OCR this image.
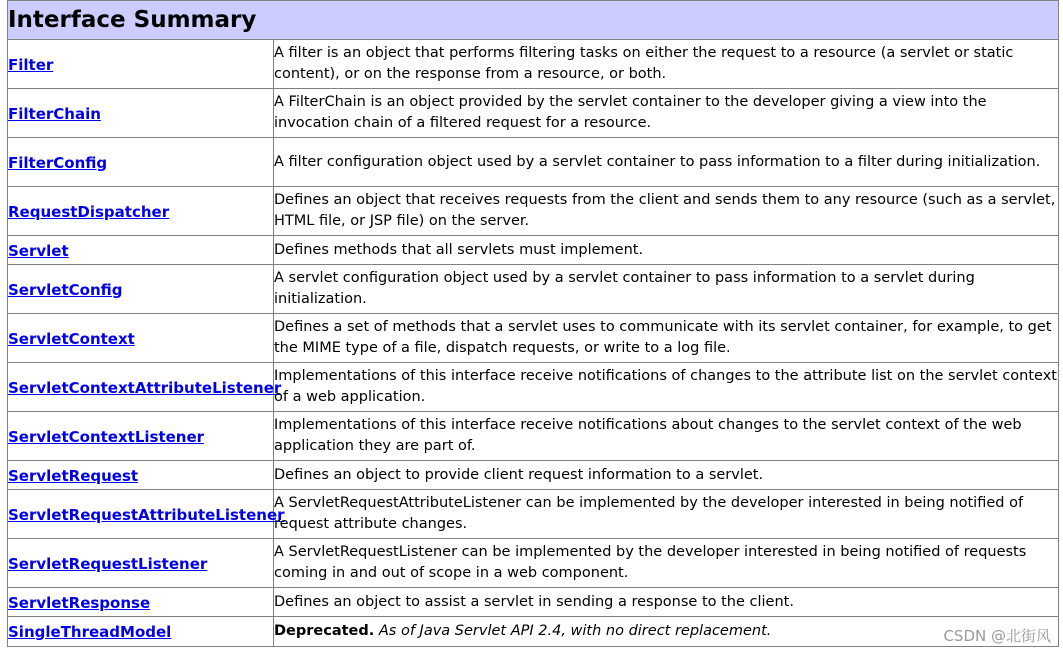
Interface Summary	
Filter	A filter is an object that performs filtering tasks on either the request to a resource (a servlet or static content), or on the response from a resource, or both.
FilterChain	A FilterChain is an object provided by the servlet container to the developer giving a view into the invocation chain of a filtered request for a resource.
FilterConfig	A filter configuration object used by a servlet container to pass information to a filter during initialization.
RequestDispatcher	Defines an object that receives requests from the client and sends them to any resource (such as a servlet, HTML file, or JSP file) on the server.
Servlet	Defines methods that all servlets must implement.
ServletConfig	A servlet configuration object used by a servlet container to pass information to a servlet during initialization.
ServletContext	Defines a set of methods that a servlet uses to communicate with its servlet container, for example, to get the MIME type of a file, dispatch requests, or write to a log file.
ServletContextAttributeListener	Implementations of this interface receive notifications of changes to the attribute list on the servlet context of a web application.
ServletContextListener	Implementations of this interface receive notifications about changes to the servlet context of the web application they are part of.
ServletRequest	Defines an object to provide client request information to a servlet.
ServletRequestAttributeListener	A ServletRequestAttributeListener can be implemented by the developer interested in being notified of request attribute changes.
ServletRequestListener	A ServletRequestListener can be implemented by the developer interested in being notified of requests coming in and out of scope in a web component.
ServletResponse	Defines an object to assist a servlet in sending a response to the client.
SingleThreadModel	Deprecated. As of Java Servlet API 2.4, with no direct replacement.	CSDN @北街风
